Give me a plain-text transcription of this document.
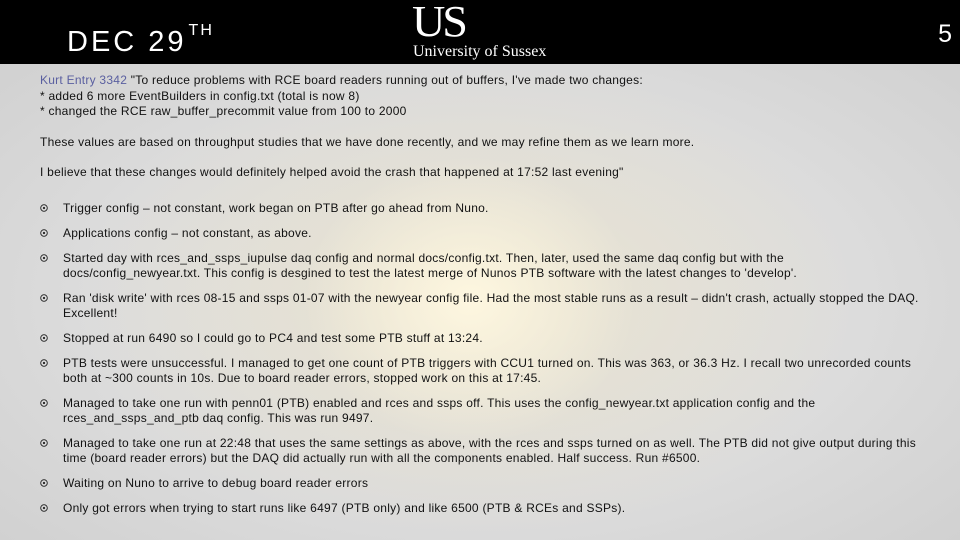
DEC 29 $^{TH}$	US
University of Sussex
5

Kurt Entry 3342 "To reduce problems with RCE board readers running out of buffers, I've made two changes:

* added 6 more EventBuilders in config.txt (total is now 8)

* changed the RCE raw_buffer_precommit value from 100 to 2000

These values are based on throughput studies that we have done recently, and we may refine them as we learn more.

I believe that these changes would definitely helped avoid the crash that happened at 17:52 last evening"

Trigger config – not constant, work began on PTB after go ahead from Nuno.
Applications config – not constant, as above.
Started day with rces_and_ssps_iupulse daq config and normal docs/config.txt. Then, later, used the same daq config but with the docs/config_newyear.txt. This config is desgined to test the latest merge of Nunos PTB software with the latest changes to 'develop'.
Ran 'disk write' with rces 08-15 and ssps 01-07 with the newyear config file. Had the most stable runs as a result – didn't crash, actually stopped the DAQ. Excellent!
Stopped at run 6490 so I could go to PC4 and test some PTB stuff at 13:24.
PTB tests were unsuccessful. I managed to get one count of PTB triggers with CCU1 turned on. This was 363, or 36.3 Hz. I recall two unrecorded counts both at ~300 counts in 10s. Due to board reader errors, stopped work on this at 17:45.
Managed to take one run with penn01 (PTB) enabled and rces and ssps off. This uses the config_newyear.txt application config and the rces_and_ssps_and_ptb daq config. This was run 9497.
Managed to take one run at 22:48 that uses the same settings as above, with the rces and ssps turned on as well. The PTB did not give output during this time (board reader errors) but the DAQ did actually run with all the components enabled. Half success. Run #6500.
Waiting on Nuno to arrive to debug board reader errors
Only got errors when trying to start runs like 6497 (PTB only) and like 6500 (PTB & RCEs and SSPs).
